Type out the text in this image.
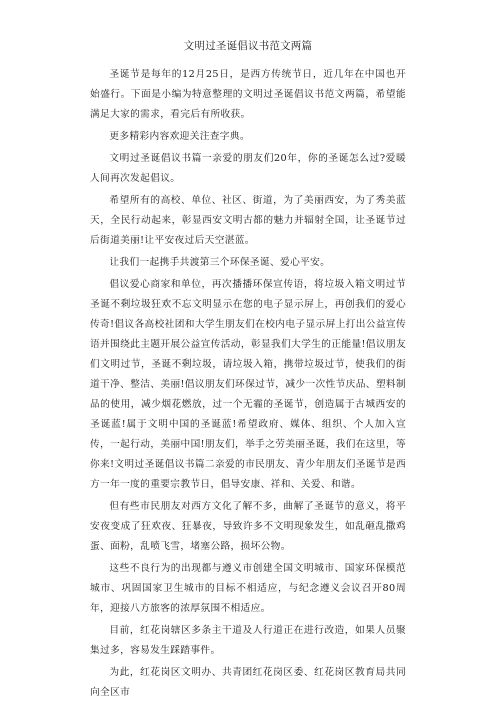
文明过圣诞倡议书范文两篇

圣诞节是每年的12月25日，是西方传统节日，近几年在中国也开始盛行。下面是小编为特意整理的文明过圣诞倡议书范文两篇，希望能满足大家的需求，看完后有所收获。

更多精彩内容欢迎关注查字典。

文明过圣诞倡议书篇一亲爱的朋友们20年，你的圣诞怎么过?爱暖人间再次发起倡议。

希望所有的高校、单位、社区、街道，为了美丽西安，为了秀美蓝天，全民行动起来，彰显西安文明古都的魅力并辐射全国，让圣诞节过后街道美丽!让平安夜过后天空湛蓝。

让我们一起携手共渡第三个环保圣诞、爱心平安。

倡议爱心商家和单位，再次播播环保宣传语，将垃圾入箱文明过节圣诞不剩垃圾狂欢不忘文明显示在您的电子显示屏上，再创我们的爱心传奇!倡议各高校社团和大学生朋友们在校内电子显示屏上打出公益宣传语并围绕此主题开展公益宣传活动，彰显我们大学生的正能量!倡议朋友们文明过节，圣诞不剩垃圾，请垃圾入箱，携带垃圾过节，使我们的街道干净、整洁、美丽!倡议朋友们环保过节，减少一次性节庆品、塑料制品的使用，减少烟花燃放，过一个无霾的圣诞节，创造属于古城西安的圣诞蓝!属于文明中国的圣诞蓝!希望政府、媒体、组织、个人加入宣传，一起行动，美丽中国!朋友们，举手之劳美丽圣诞，我们在这里，等你来!文明过圣诞倡议书篇二亲爱的市民朋友、青少年朋友们圣诞节是西方一年一度的重要宗教节日，倡导安康、祥和、关爱、和谐。

但有些市民朋友对西方文化了解不多，曲解了圣诞节的意义，将平安夜变成了狂欢夜、狂暴夜，导致许多不文明现象发生，如乱砸乱撒鸡蛋、面粉，乱喷飞雪，堵塞公路，损坏公物。

这些不良行为的出现都与遵义市创建全国文明城市、国家环保模范城市、巩固国家卫生城市的目标不相适应，与纪念遵义会议召开80周年，迎接八方旅客的浓厚氛围不相适应。

目前，红花岗辖区多条主干道及人行道正在进行改造，如果人员聚集过多，容易发生踩踏事件。

为此，红花岗区文明办、共青团红花岗区委、红花岗区教育局共同向全区市
